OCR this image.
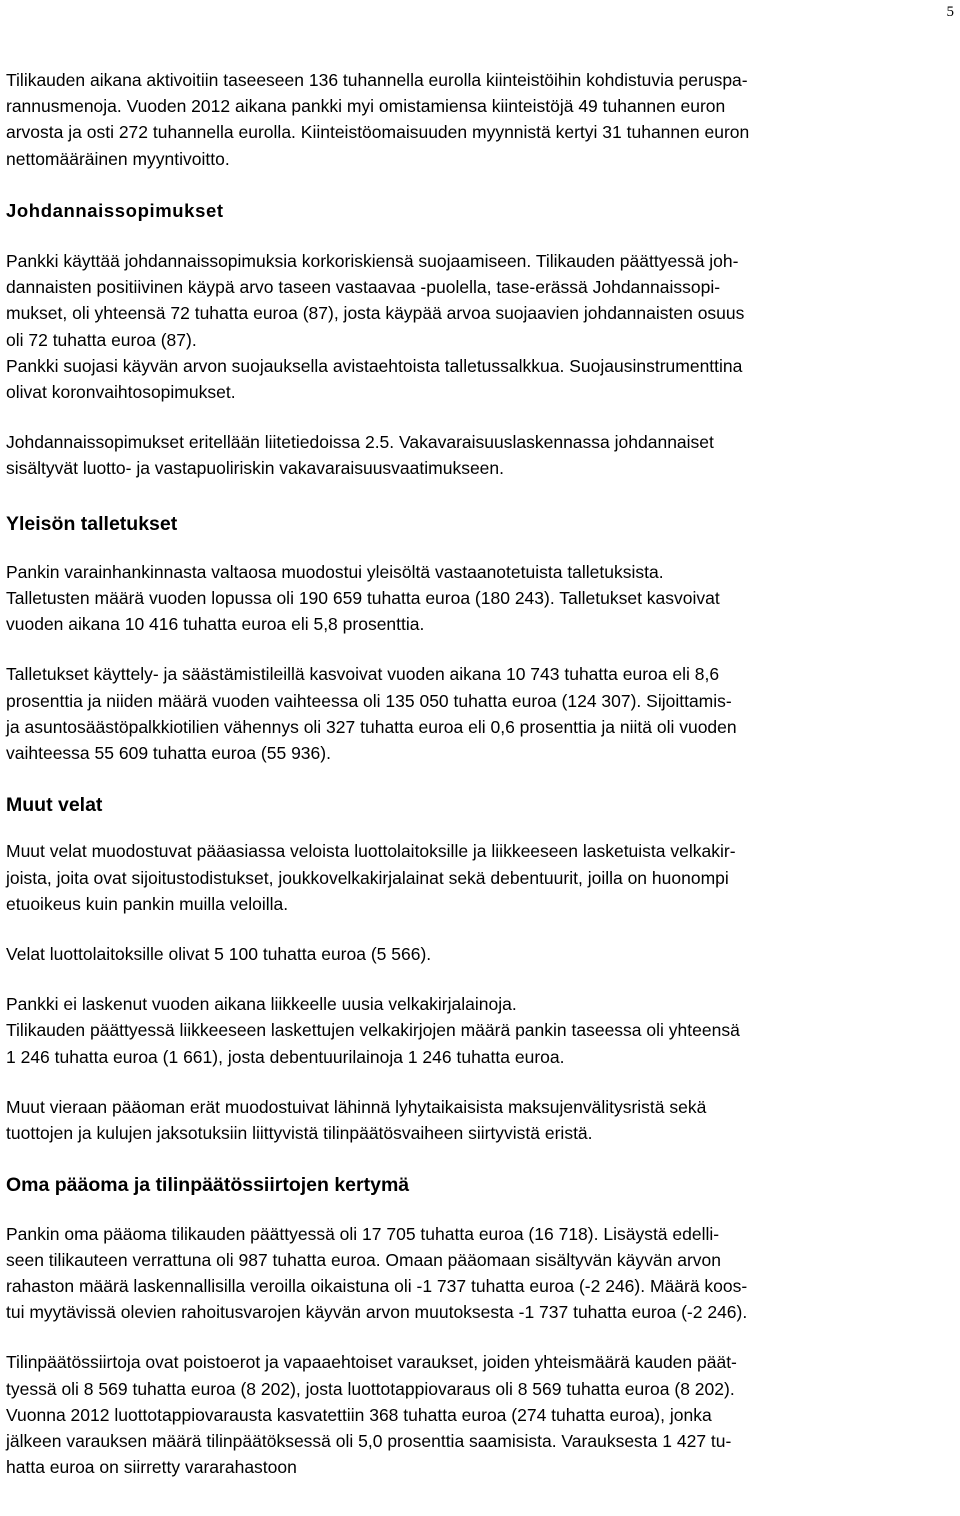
5

Tilikauden aikana aktivoitiin taseeseen 136 tuhannella eurolla kiinteistöihin kohdistuvia peruspa-
rannusmenoja. Vuoden 2012 aikana pankki myi omistamiensa kiinteistöjä 49 tuhannen euron
arvosta ja osti 272 tuhannella eurolla. Kiinteistöomaisuuden myynnistä kertyi 31 tuhannen euron
nettomääräinen myyntivoitto.

Johdannaissopimukset

Pankki käyttää johdannaissopimuksia korkoriskiensä suojaamiseen. Tilikauden päättyessä joh-
dannaisten positiivinen käypä arvo taseen vastaavaa -puolella, tase-erässä Johdannaissopi-
mukset, oli yhteensä 72 tuhatta euroa (87), josta käypää arvoa suojaavien johdannaisten osuus
oli 72 tuhatta euroa (87).
Pankki suojasi käyvän arvon suojauksella avistaehtoista talletussalkkua. Suojausinstrumenttina
olivat koronvaihtosopimukset.

Johdannaissopimukset eritellään liitetiedoissa 2.5. Vakavaraisuuslaskennassa johdannaiset
sisältyvät luotto- ja vastapuoliriskin vakavaraisuusvaatimukseen.

Yleisön talletukset

Pankin varainhankinnasta valtaosa muodostui yleisöltä vastaanotetuista talletuksista.
Talletusten määrä vuoden lopussa oli 190 659 tuhatta euroa (180 243). Talletukset kasvoivat
vuoden aikana 10 416 tuhatta euroa eli 5,8 prosenttia.

Talletukset käyttely- ja säästämistileillä kasvoivat vuoden aikana 10 743 tuhatta euroa eli 8,6
prosenttia ja niiden määrä vuoden vaihteessa oli 135 050 tuhatta euroa (124 307). Sijoittamis-
ja asuntosäästöpalkkiotilien vähennys oli 327 tuhatta euroa eli 0,6 prosenttia ja niitä oli vuoden
vaihteessa 55 609 tuhatta euroa (55 936).

Muut velat

Muut velat muodostuvat pääasiassa veloista luottolaitoksille ja liikkeeseen lasketuista velkakir-
joista, joita ovat sijoitustodistukset, joukkovelkakirjalainat sekä debentuurit, joilla on huonompi
etuoikeus kuin pankin muilla veloilla.

Velat luottolaitoksille olivat 5 100 tuhatta euroa (5 566).

Pankki ei laskenut vuoden aikana liikkeelle uusia velkakirjalainoja.
Tilikauden päättyessä liikkeeseen laskettujen velkakirjojen määrä pankin taseessa oli yhteensä
1 246 tuhatta euroa (1 661), josta debentuurilainoja 1 246 tuhatta euroa.

Muut vieraan pääoman erät muodostuivat lähinnä lyhytaikaisista maksujenvälitysristä sekä
tuottojen ja kulujen jaksotuksiin liittyvistä tilinpäätösvaiheen siirtyvistä eristä.

Oma pääoma ja tilinpäätössiirtojen kertymä

Pankin oma pääoma tilikauden päättyessä oli 17 705 tuhatta euroa (16 718). Lisäystä edelli-
seen tilikauteen verrattuna oli 987 tuhatta euroa. Omaan pääomaan sisältyvän käyvän arvon
rahaston määrä laskennallisilla veroilla oikaistuna oli -1 737 tuhatta euroa (-2 246). Määrä koos-
tui myytävissä olevien rahoitusvarojen käyvän arvon muutoksesta -1 737 tuhatta euroa (-2 246).

Tilinpäätössiirtoja ovat poistoerot ja vapaaehtoiset varaukset, joiden yhteismäärä kauden päät-
tyessä oli 8 569 tuhatta euroa (8 202), josta luottotappiovaraus oli 8 569 tuhatta euroa (8 202).
Vuonna 2012 luottotappiovarausta kasvatettiin 368 tuhatta euroa (274 tuhatta euroa), jonka
jälkeen varauksen määrä tilinpäätöksessä oli 5,0 prosenttia saamisista. Varauksesta 1 427 tu-
hatta euroa on siirretty vararahastoon
